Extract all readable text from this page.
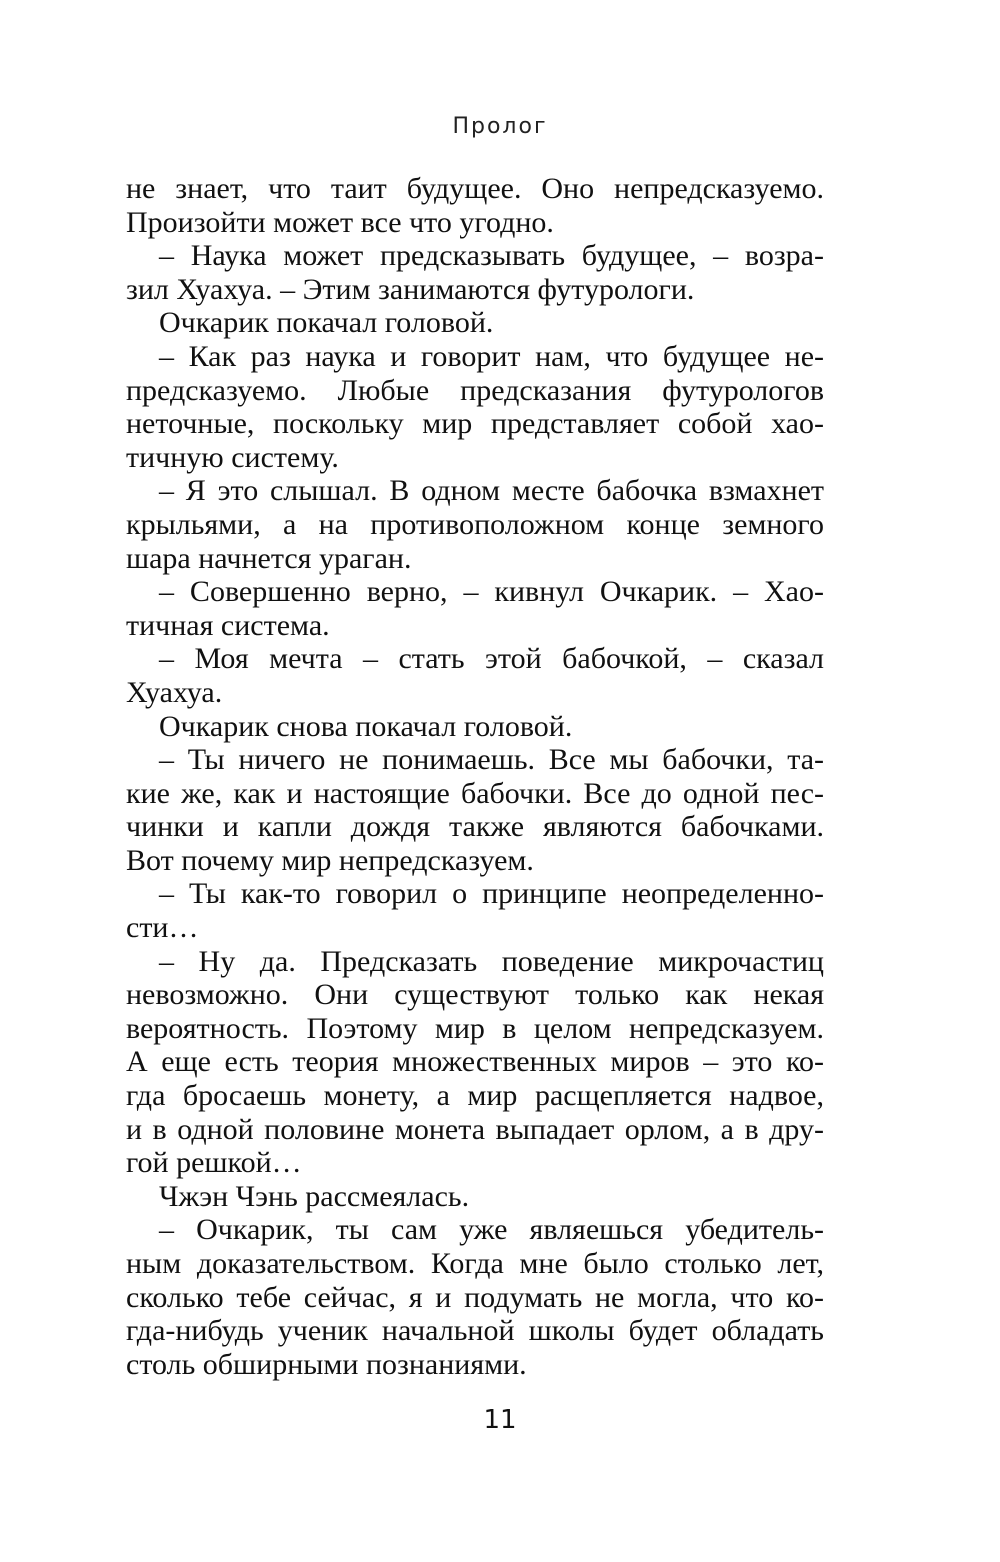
Пролог
не знает, что таит будущее. Оно непредсказуемо.
Произойти может все что угодно.
– Наука может предсказывать будущее, – возра-
зил Хуахуа. – Этим занимаются футурологи.
Очкарик покачал головой.
– Как раз наука и говорит нам, что будущее не-
предсказуемо. Любые предсказания футурологов
неточные, поскольку мир представляет собой хао-
тичную систему.
– Я это слышал. В одном месте бабочка взмахнет
крыльями, а на противоположном конце земного
шара начнется ураган.
– Совершенно верно, – кивнул Очкарик. – Хао-
тичная система.
– Моя мечта – стать этой бабочкой, – сказал
Хуахуа.
Очкарик снова покачал головой.
– Ты ничего не понимаешь. Все мы бабочки, та-
кие же, как и настоящие бабочки. Все до одной пес-
чинки и капли дождя также являются бабочками.
Вот почему мир непредсказуем.
– Ты как-то говорил о принципе неопределенно-
сти…
– Ну да. Предсказать поведение микрочастиц
невозможно. Они существуют только как некая
вероятность. Поэтому мир в целом непредсказуем.
А еще есть теория множественных миров – это ко-
гда бросаешь монету, а мир расщепляется надвое,
и в одной половине монета выпадает орлом, а в дру-
гой решкой…
Чжэн Чэнь рассмеялась.
– Очкарик, ты сам уже являешься убедитель-
ным доказательством. Когда мне было столько лет,
сколько тебе сейчас, я и подумать не могла, что ко-
гда-нибудь ученик начальной школы будет обладать
столь обширными познаниями.
11
